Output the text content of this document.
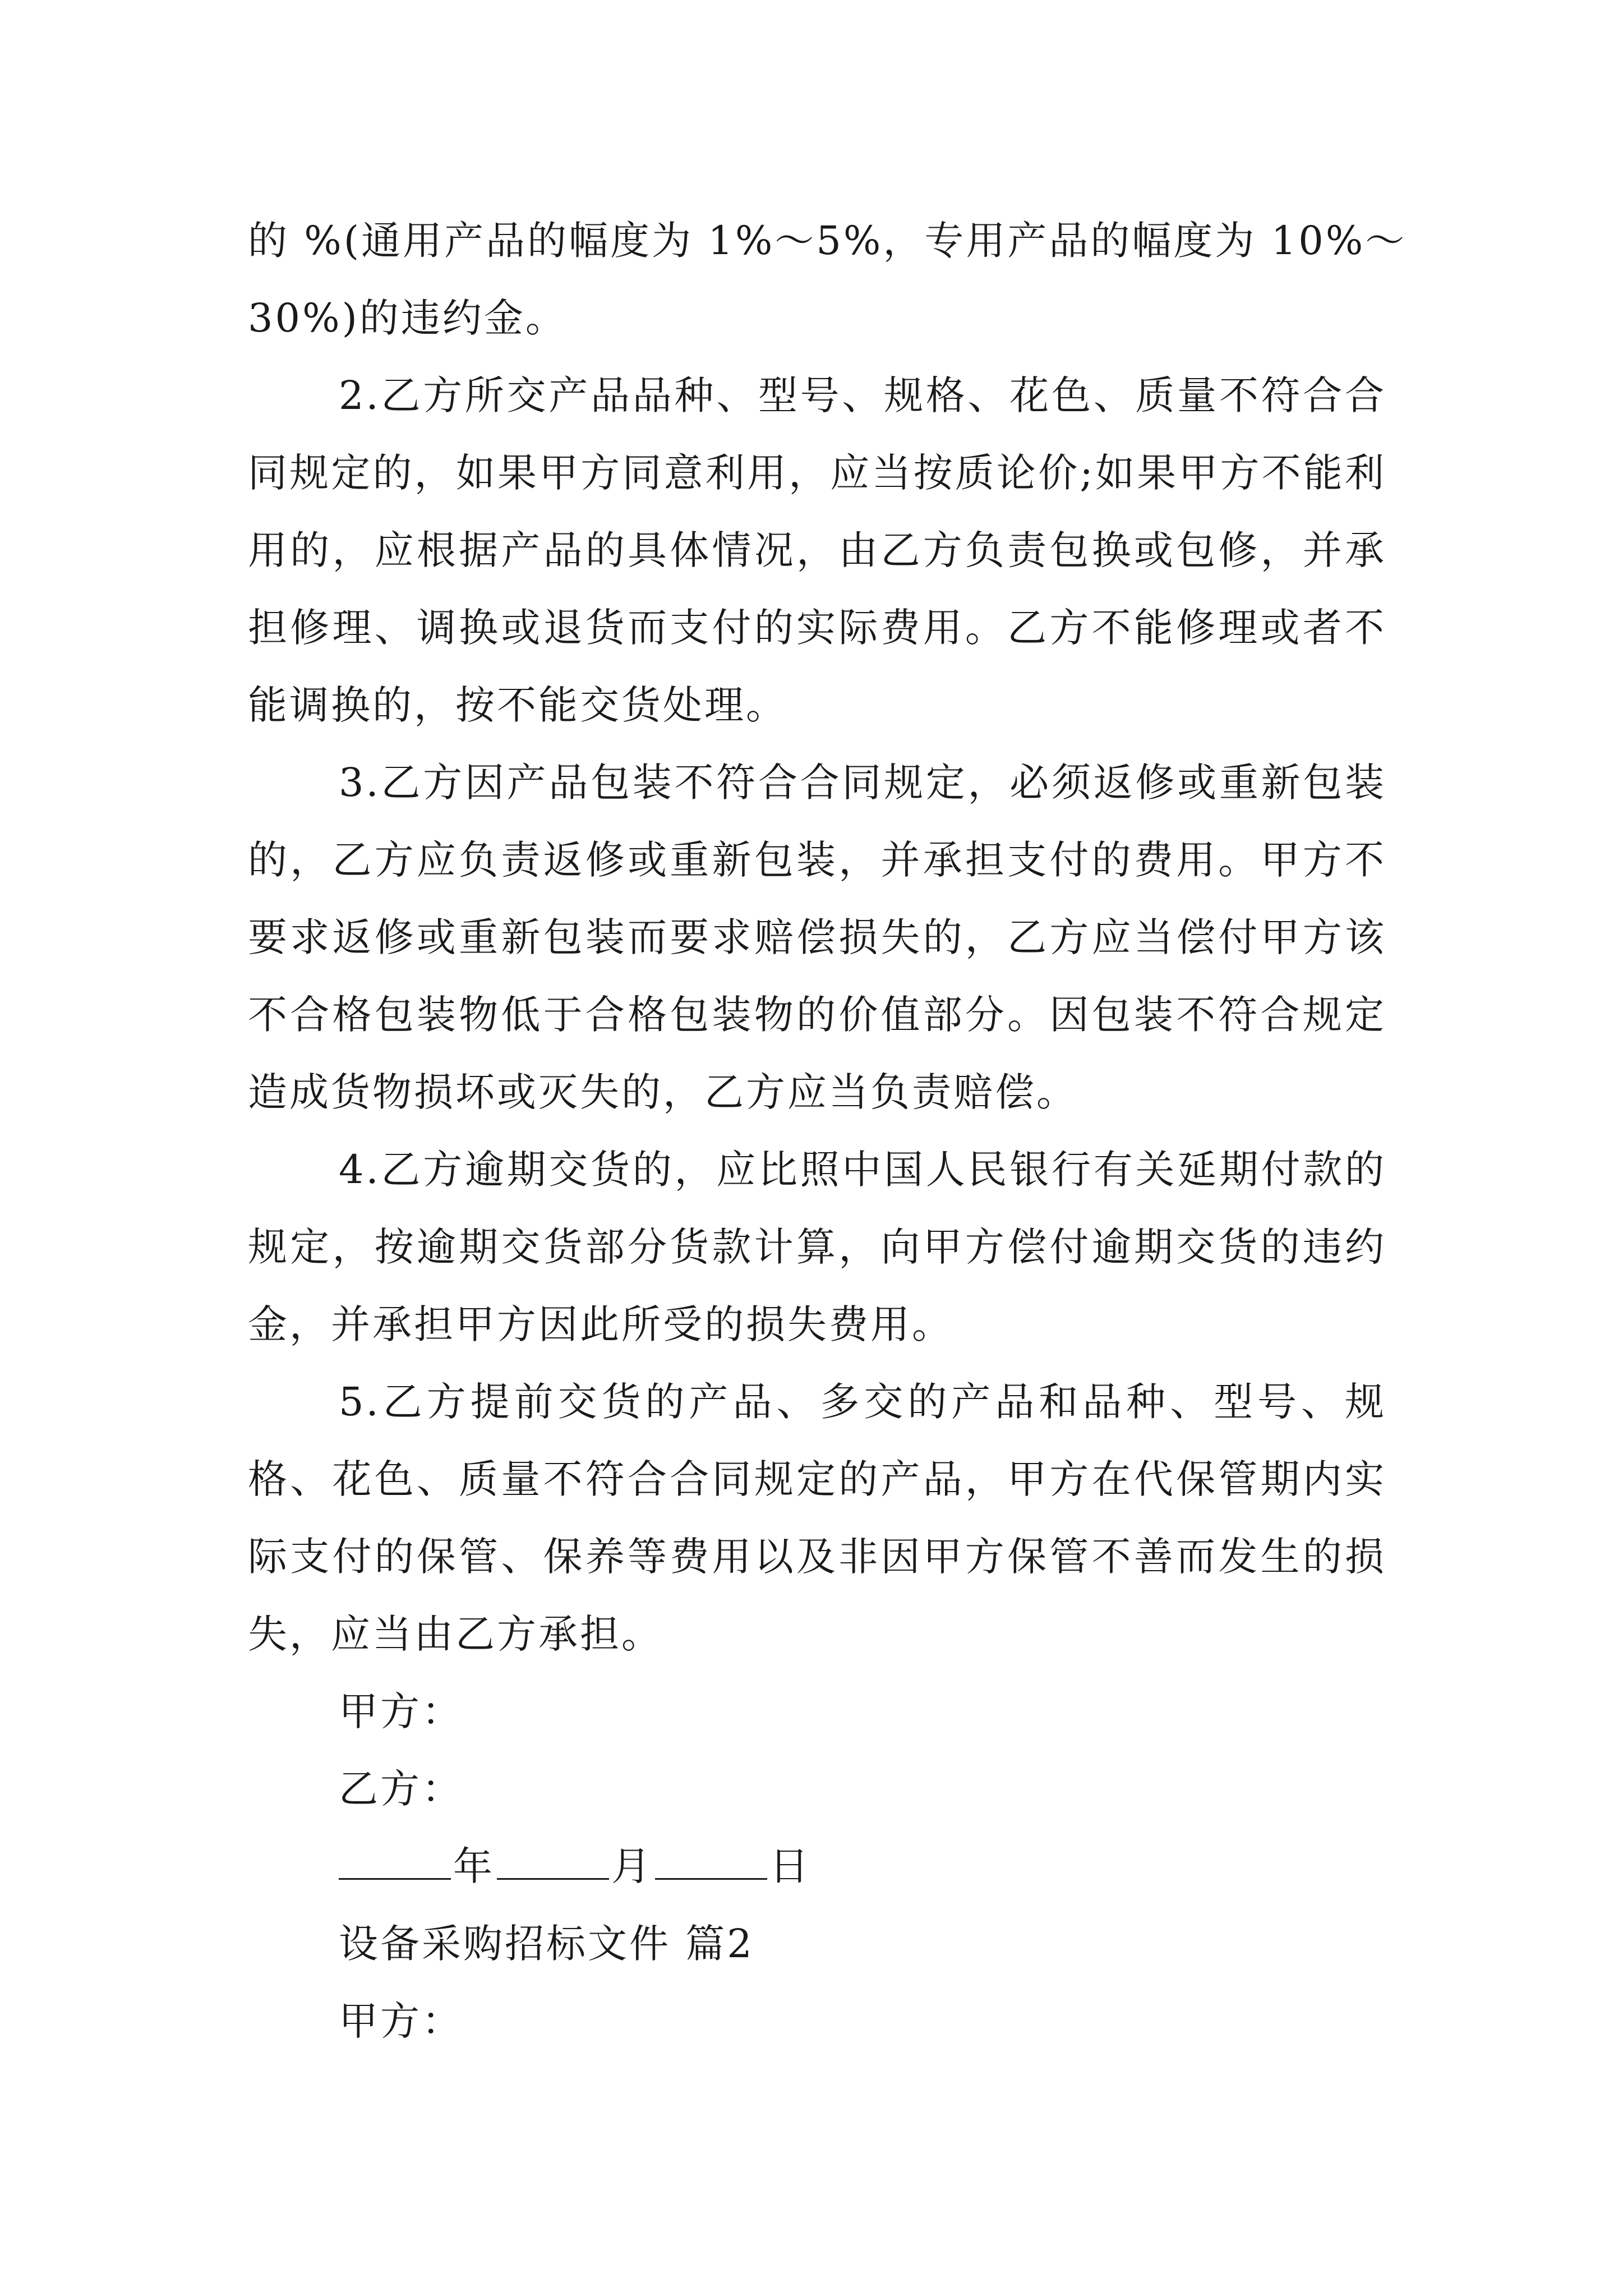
的 %(通用产品的幅度为 1%～5%，专用产品的幅度为 10%～
30%)的违约金。

2.乙方所交产品品种、型号、规格、花色、质量不符合合同规定的，如果甲方同意利用，应当按质论价;如果甲方不能利用的，应根据产品的具体情况，由乙方负责包换或包修，并承担修理、调换或退货而支付的实际费用。乙方不能修理或者不能调换的，按不能交货处理。

3.乙方因产品包装不符合合同规定，必须返修或重新包装的，乙方应负责返修或重新包装，并承担支付的费用。甲方不要求返修或重新包装而要求赔偿损失的，乙方应当偿付甲方该不合格包装物低于合格包装物的价值部分。因包装不符合规定造成货物损坏或灭失的，乙方应当负责赔偿。

4.乙方逾期交货的，应比照中国人民银行有关延期付款的规定，按逾期交货部分货款计算，向甲方偿付逾期交货的违约金，并承担甲方因此所受的损失费用。

5.乙方提前交货的产品、多交的产品和品种、型号、规格、花色、质量不符合合同规定的产品，甲方在代保管期内实际支付的保管、保养等费用以及非因甲方保管不善而发生的损失，应当由乙方承担。

甲方：
乙方：
年	月	日
设备采购招标文件 篇2
甲方：
